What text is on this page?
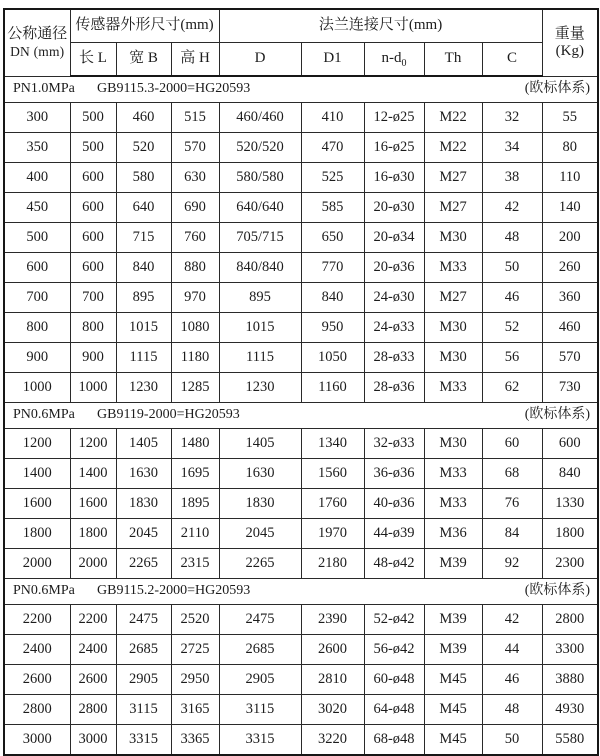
公称通径
DN (mm)
	传感器外形尺寸(mm)	法兰连接尺寸(mm)	
重量
(Kg)

	长 L	宽 B	高 H	D	D1	$n-d_0$	Th	C	

PN1.0MPa GB9115.3-2000=HG20593 (欧标体系)									

300	500	460	515	460/460	410	12-ø25	M22	32	55
350	500	520	570	520/520	470	16-ø25	M22	34	80
400	600	580	630	580/580	525	16-ø30	M27	38	110
450	600	640	690	640/640	585	20-ø30	M27	42	140
500	600	715	760	705/715	650	20-ø34	M30	48	200
600	600	840	880	840/840	770	20-ø36	M33	50	260
700	700	895	970	895	840	24-ø30	M27	46	360
800	800	1015	1080	1015	950	24-ø33	M30	52	460
900	900	1115	1180	1115	1050	28-ø33	M30	56	570
1000	1000	1230	1285	1230	1160	28-ø36	M33	62	730

PN0.6MPa GB9119-2000=HG20593 (欧标体系)									

1200	1200	1405	1480	1405	1340	32-ø33	M30	60	600
1400	1400	1630	1695	1630	1560	36-ø36	M33	68	840
1600	1600	1830	1895	1830	1760	40-ø36	M33	76	1330
1800	1800	2045	2110	2045	1970	44-ø39	M36	84	1800
2000	2000	2265	2315	2265	2180	48-ø42	M39	92	2300

PN0.6MPa GB9115.2-2000=HG20593 (欧标体系)									

2200	2200	2475	2520	2475	2390	52-ø42	M39	42	2800
2400	2400	2685	2725	2685	2600	56-ø42	M39	44	3300
2600	2600	2905	2950	2905	2810	60-ø48	M45	46	3880
2800	2800	3115	3165	3115	3020	64-ø48	M45	48	4930
3000	3000	3315	3365	3315	3220	68-ø48	M45	50	5580
